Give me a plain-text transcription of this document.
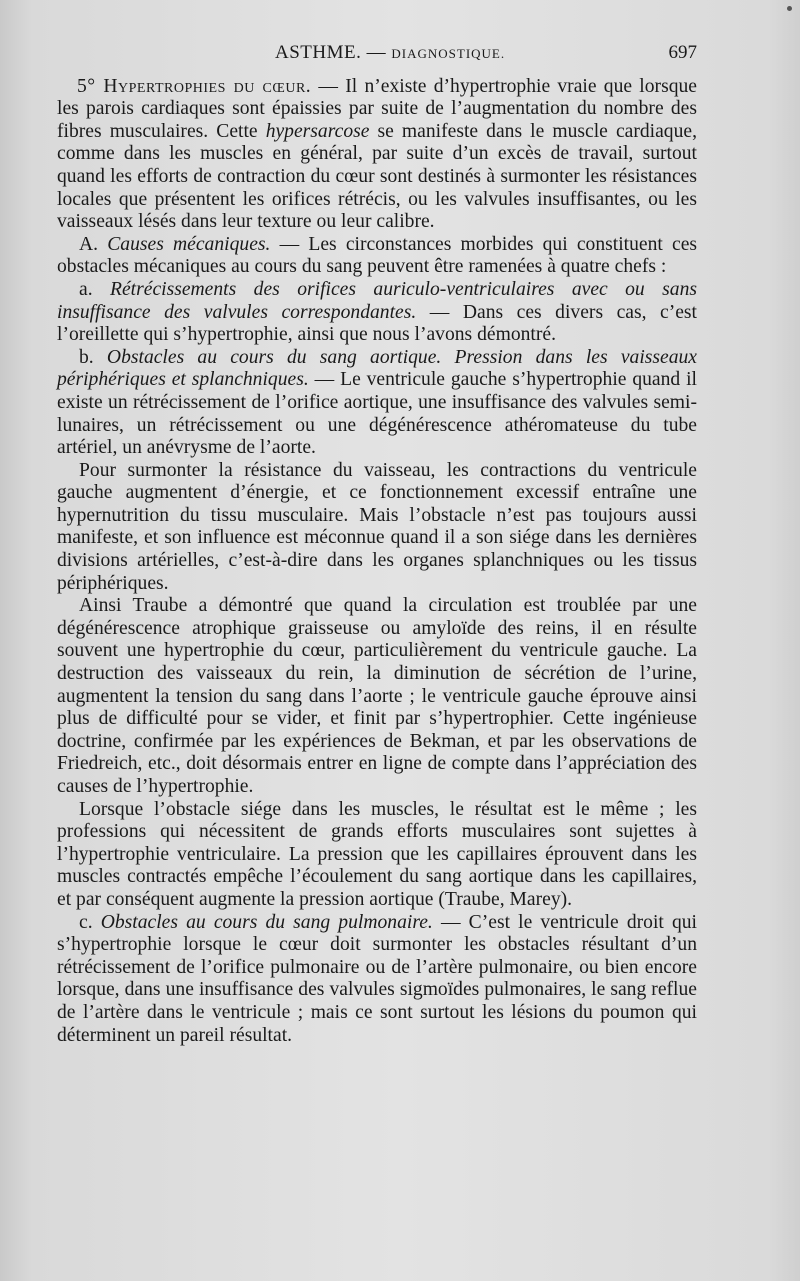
ASTHME. — DIAGNOSTIQUE.	697

5° Hypertrophies du cœur. — Il n’existe d’hypertrophie vraie que lorsque les parois cardiaques sont épaissies par suite de l’augmentation du nombre des fibres musculaires. Cette hypersarcose se manifeste dans le muscle cardiaque, comme dans les muscles en général, par suite d’un excès de travail, surtout quand les efforts de contraction du cœur sont destinés à surmonter les résistances locales que présentent les orifices rétrécis, ou les valvules insuffisantes, ou les vaisseaux lésés dans leur texture ou leur calibre.

A. Causes mécaniques. — Les circonstances morbides qui constituent ces obstacles mécaniques au cours du sang peuvent être ramenées à quatre chefs :

a. Rétrécissements des orifices auriculo-ventriculaires avec ou sans insuffisance des valvules correspondantes. — Dans ces divers cas, c’est l’oreillette qui s’hypertrophie, ainsi que nous l’avons démontré.

b. Obstacles au cours du sang aortique. Pression dans les vaisseaux périphériques et splanchniques. — Le ventricule gauche s’hypertrophie quand il existe un rétrécissement de l’orifice aortique, une insuffisance des valvules semi-lunaires, un rétrécissement ou une dégénérescence athéromateuse du tube artériel, un anévrysme de l’aorte.

Pour surmonter la résistance du vaisseau, les contractions du ventricule gauche augmentent d’énergie, et ce fonctionnement excessif entraîne une hypernutrition du tissu musculaire. Mais l’obstacle n’est pas toujours aussi manifeste, et son influence est méconnue quand il a son siége dans les dernières divisions artérielles, c’est-à-dire dans les organes splanchniques ou les tissus périphériques.

Ainsi Traube a démontré que quand la circulation est troublée par une dégénérescence atrophique graisseuse ou amyloïde des reins, il en résulte souvent une hypertrophie du cœur, particulièrement du ventricule gauche. La destruction des vaisseaux du rein, la diminution de sécrétion de l’urine, augmentent la tension du sang dans l’aorte ; le ventricule gauche éprouve ainsi plus de difficulté pour se vider, et finit par s’hypertrophier. Cette ingénieuse doctrine, confirmée par les expériences de Bekman, et par les observations de Friedreich, etc., doit désormais entrer en ligne de compte dans l’appréciation des causes de l’hypertrophie.

Lorsque l’obstacle siége dans les muscles, le résultat est le même ; les professions qui nécessitent de grands efforts musculaires sont sujettes à l’hypertrophie ventriculaire. La pression que les capillaires éprouvent dans les muscles contractés empêche l’écoulement du sang aortique dans les capillaires, et par conséquent augmente la pression aortique (Traube, Marey).

c. Obstacles au cours du sang pulmonaire. — C’est le ventricule droit qui s’hypertrophie lorsque le cœur doit surmonter les obstacles résultant d’un rétrécissement de l’orifice pulmonaire ou de l’artère pulmonaire, ou bien encore lorsque, dans une insuffisance des valvules sigmoïdes pulmonaires, le sang reflue de l’artère dans le ventricule ; mais ce sont surtout les lésions du poumon qui déterminent un pareil résultat.
